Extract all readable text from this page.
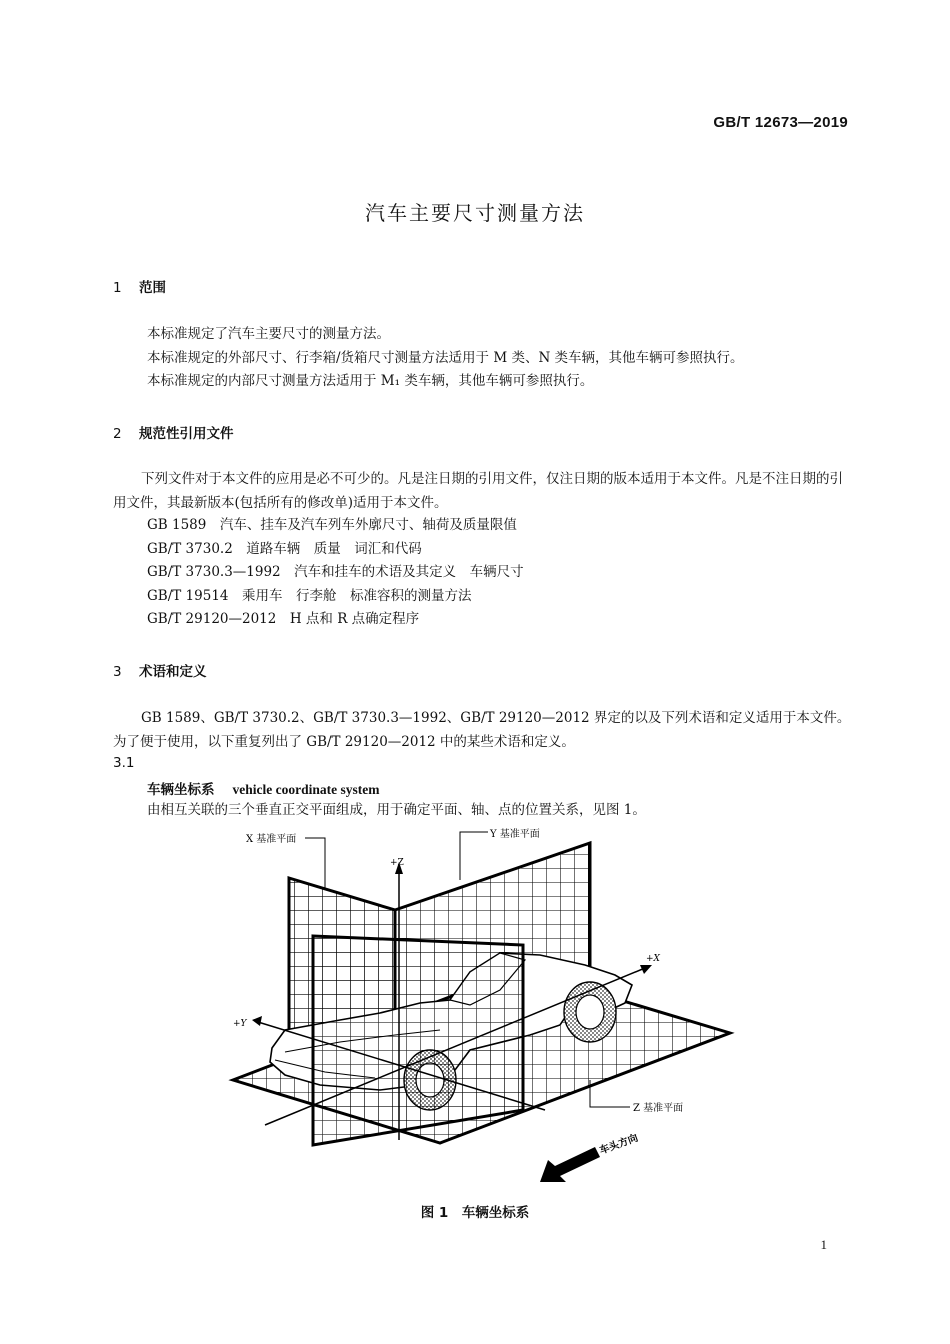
GB/T 12673—2019
汽车主要尺寸测量方法
1 范围
本标准规定了汽车主要尺寸的测量方法。
本标准规定的外部尺寸、行李箱/货箱尺寸测量方法适用于 M 类、N 类车辆，其他车辆可参照执行。
本标准规定的内部尺寸测量方法适用于 M₁ 类车辆，其他车辆可参照执行。
2 规范性引用文件
下列文件对于本文件的应用是必不可少的。凡是注日期的引用文件，仅注日期的版本适用于本文件。凡是不注日期的引用文件，其最新版本(包括所有的修改单)适用于本文件。
GB 1589　汽车、挂车及汽车列车外廓尺寸、轴荷及质量限值
GB/T 3730.2　道路车辆　质量　词汇和代码
GB/T 3730.3—1992　汽车和挂车的术语及其定义　车辆尺寸
GB/T 19514　乘用车　行李舱　标准容积的测量方法
GB/T 29120—2012　H 点和 R 点确定程序
3 术语和定义
GB 1589、GB/T 3730.2、GB/T 3730.3—1992、GB/T 29120—2012 界定的以及下列术语和定义适用于本文件。为了便于使用，以下重复列出了 GB/T 29120—2012 中的某些术语和定义。
3.1
车辆坐标系 vehicle coordinate system
由相互关联的三个垂直正交平面组成，用于确定平面、轴、点的位置关系，见图 1。
X 基准平面	Y 基准平面
Z 基准平面
+Z
+X
+Y
车头方向
图 1　车辆坐标系
1
